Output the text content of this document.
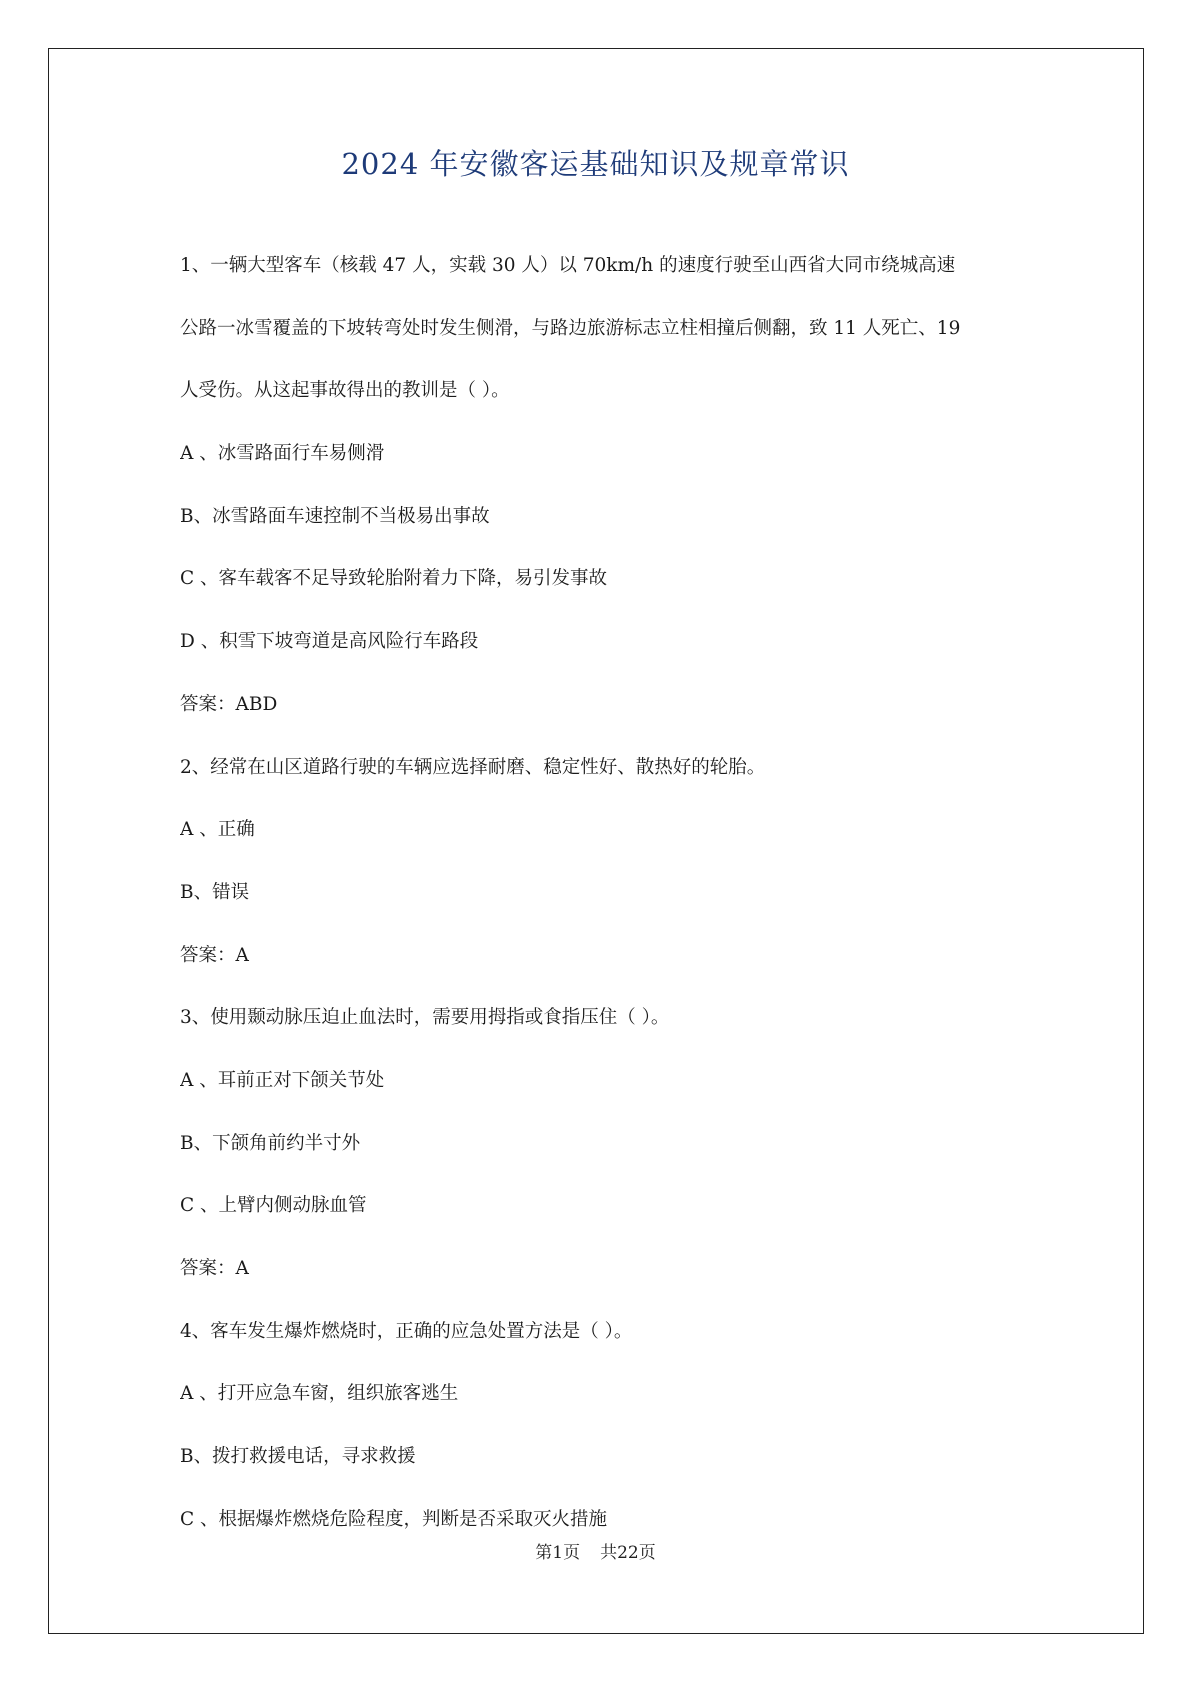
2024 年安徽客运基础知识及规章常识
1、一辆大型客车（核载 47 人，实载 30 人）以 70km/h 的速度行驶至山西省大同市绕城高速
公路一冰雪覆盖的下坡转弯处时发生侧滑，与路边旅游标志立柱相撞后侧翻，致 11 人死亡、19
人受伤。从这起事故得出的教训是（ ）。
A 、冰雪路面行车易侧滑
B、冰雪路面车速控制不当极易出事故
C 、客车载客不足导致轮胎附着力下降，易引发事故
D 、积雪下坡弯道是高风险行车路段
答案：ABD
2、经常在山区道路行驶的车辆应选择耐磨、稳定性好、散热好的轮胎。
A 、正确
B、错误
答案：A
3、使用颞动脉压迫止血法时，需要用拇指或食指压住（ ）。
A 、耳前正对下颌关节处
B、下颌角前约半寸外
C 、上臂内侧动脉血管
答案：A
4、客车发生爆炸燃烧时，正确的应急处置方法是（ ）。
A 、打开应急车窗，组织旅客逃生
B、拨打救援电话，寻求救援
C 、根据爆炸燃烧危险程度，判断是否采取灭火措施
第1页 共22页
